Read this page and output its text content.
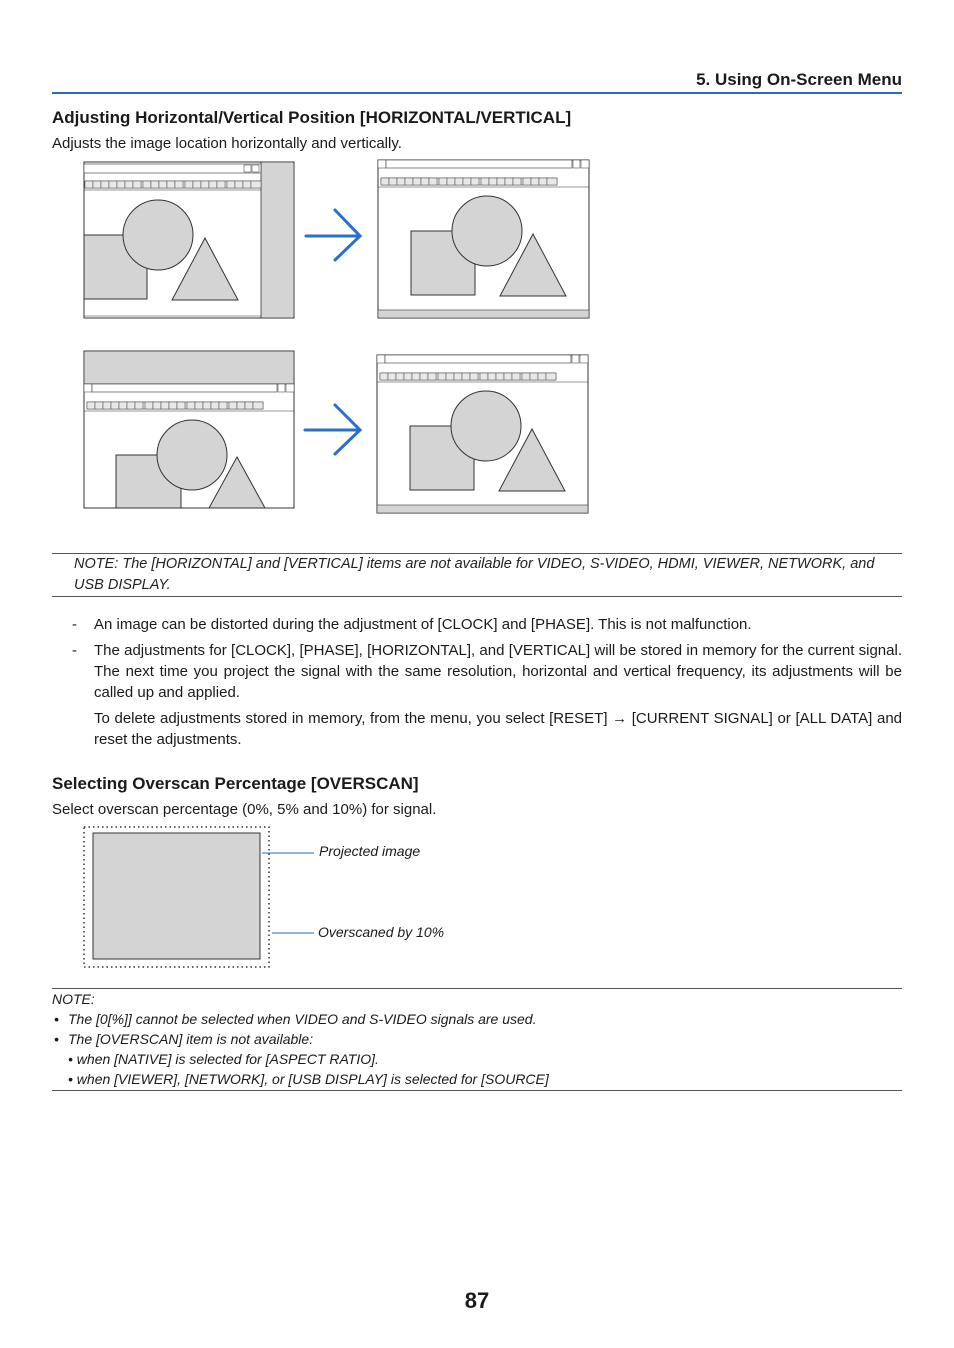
5. Using On-Screen Menu
Adjusting Horizontal/Vertical Position [HORIZONTAL/VERTICAL]
Adjusts the image location horizontally and vertically.
NOTE: The [HORIZONTAL] and [VERTICAL] items are not available for VIDEO, S-VIDEO, HDMI, VIEWER, NETWORK, and USB DISPLAY.
- An image can be distorted during the adjustment of [CLOCK] and [PHASE]. This is not malfunction.
- The adjustments for [CLOCK], [PHASE], [HORIZONTAL], and [VERTICAL] will be stored in memory for the current signal. The next time you project the signal with the same resolution, horizontal and vertical frequency, its adjustments will be called up and applied.
To delete adjustments stored in memory, from the menu, you select [RESET] → [CURRENT SIGNAL] or [ALL DATA] and reset the adjustments.
Selecting Overscan Percentage [OVERSCAN]
Select overscan percentage (0%, 5% and 10%) for signal.
Projected image
Overscaned by 10%
NOTE:
• The [0[%]] cannot be selected when VIDEO and S-VIDEO signals are used.
• The [OVERSCAN] item is not available:
• when [NATIVE] is selected for [ASPECT RATIO].
• when [VIEWER], [NETWORK], or [USB DISPLAY] is selected for [SOURCE]
87
